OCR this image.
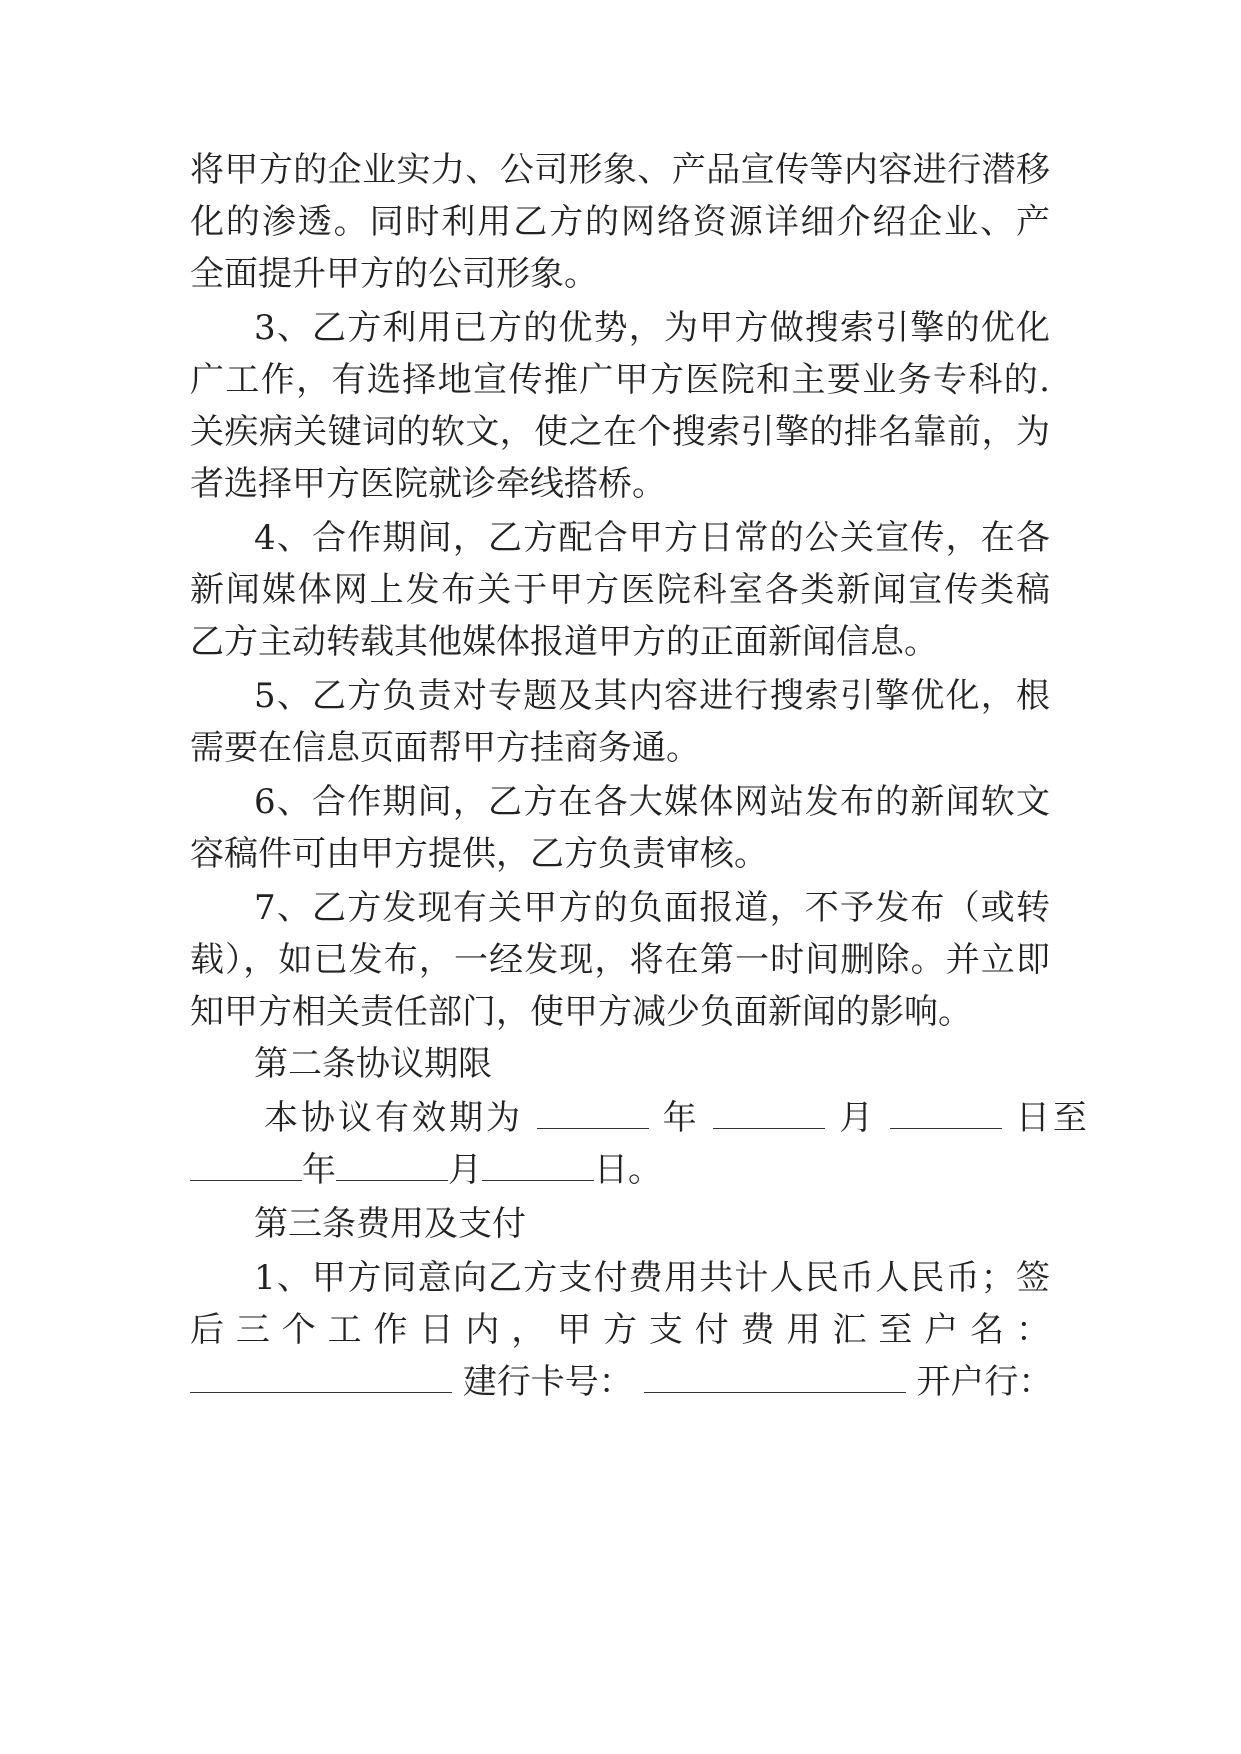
将甲方的企业实力、公司形象、产品宣传等内容进行潜移
化的渗透。同时利用乙方的网络资源详细介绍企业、产
全面提升甲方的公司形象。
3、乙方利用已方的优势，为甲方做搜索引擎的优化
广工作，有选择地宣传推广甲方医院和主要业务专科的.
关疾病关键词的软文，使之在个搜索引擎的排名靠前，为
者选择甲方医院就诊牵线搭桥。
4、合作期间，乙方配合甲方日常的公关宣传，在各
新闻媒体网上发布关于甲方医院科室各类新闻宣传类稿
乙方主动转载其他媒体报道甲方的正面新闻信息。
5、乙方负责对专题及其内容进行搜索引擎优化，根
需要在信息页面帮甲方挂商务通。
6、合作期间，乙方在各大媒体网站发布的新闻软文
容稿件可由甲方提供，乙方负责审核。
7、乙方发现有关甲方的负面报道，不予发布（或转
载），如已发布，一经发现，将在第一时间删除。并立即
知甲方相关责任部门，使甲方减少负面新闻的影响。
第二条协议期限
本协议有效期为	年	月	日至
年	月	日。
第三条费用及支付
1、甲方同意向乙方支付费用共计人民币人民币；签
后三个工作日内，甲方支付费用汇至户名：
建行卡号：	开户行：
